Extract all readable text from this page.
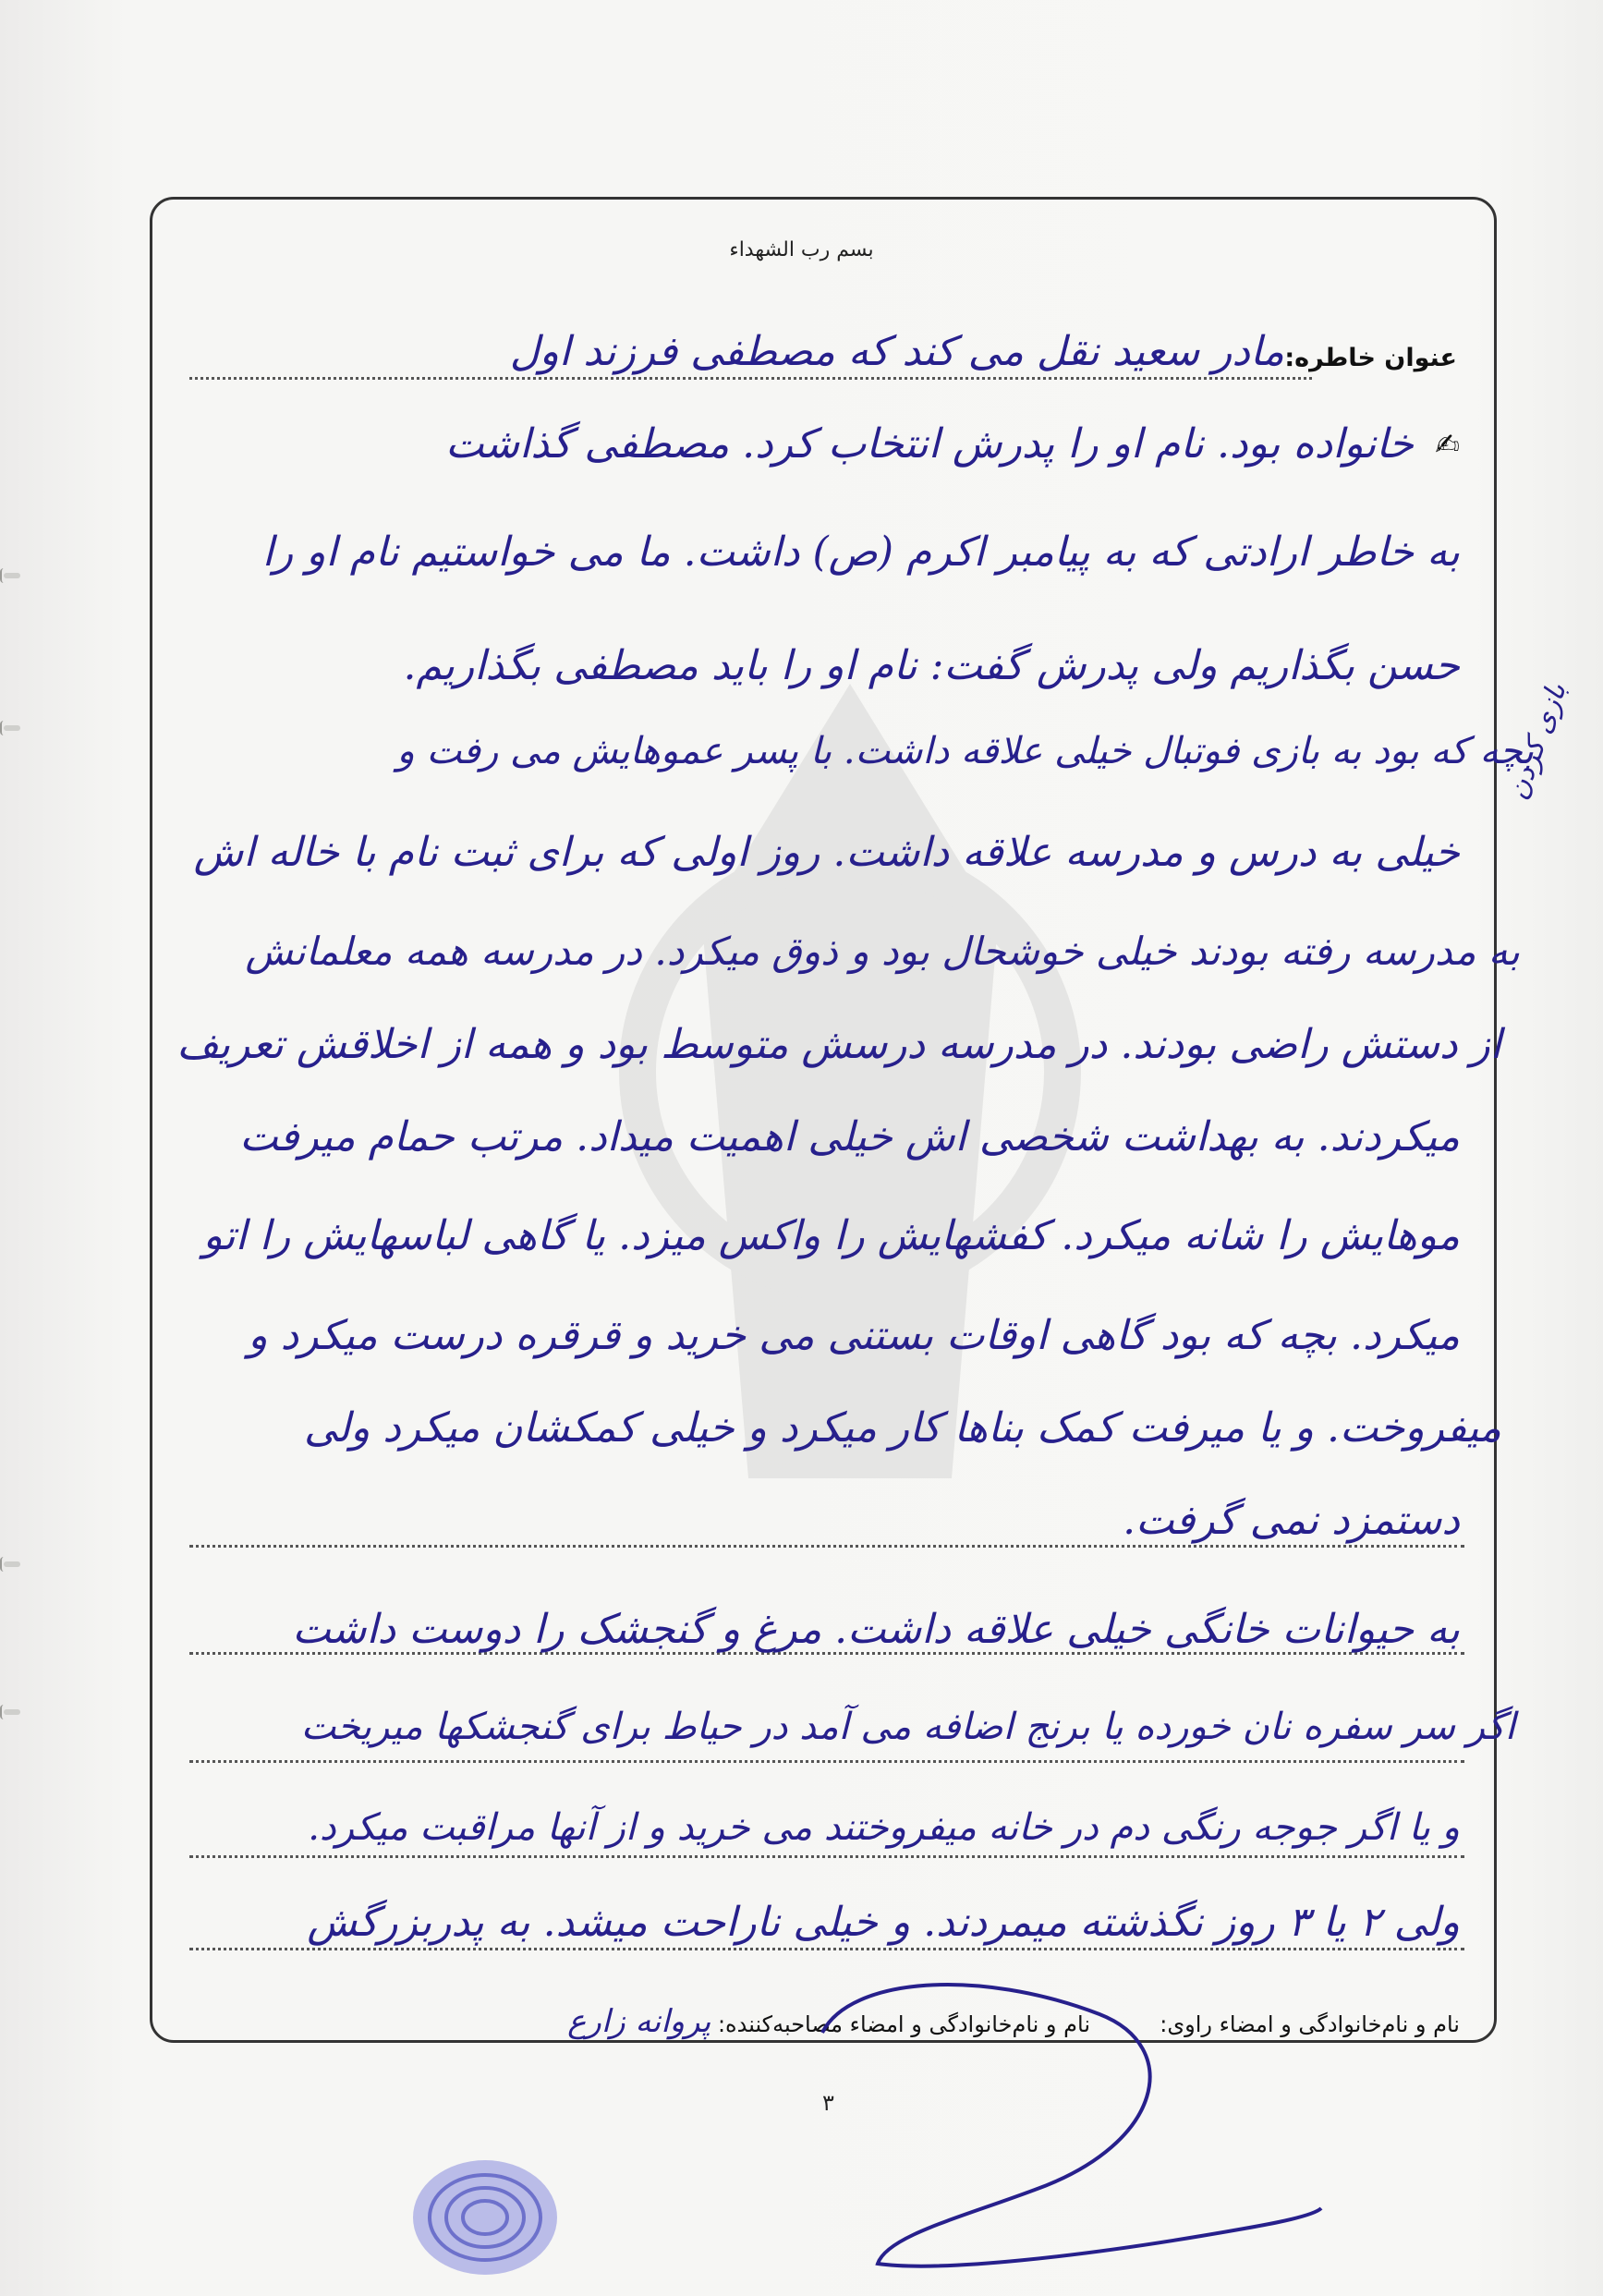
بسم رب الشهداء
عنوان خاطره:
مادر سعید نقل می کند که مصطفی فرزند اول
✍
خانواده بود. نام او را پدرش انتخاب کرد. مصطفی گذاشت
به خاطر ارادتی که به پیامبر اکرم (ص) داشت. ما می خواستیم نام او را
حسن بگذاریم ولی پدرش گفت: نام او را باید مصطفی بگذاریم.
بچه که بود به بازی فوتبال خیلی علاقه داشت. با پسر عموهایش می رفت و
خیلی به درس و مدرسه علاقه داشت. روز اولی که برای ثبت نام با خاله اش
به مدرسه رفته بودند خیلی خوشحال بود و ذوق میکرد. در مدرسه همه معلمانش
از دستش راضی بودند. در مدرسه درسش متوسط بود و همه از اخلاقش تعریف
میکردند. به بهداشت شخصی اش خیلی اهمیت میداد. مرتب حمام میرفت
موهایش را شانه میکرد. کفشهایش را واکس میزد. یا گاهی لباسهایش را اتو
میکرد. بچه که بود گاهی اوقات بستنی می خرید و قرقره درست میکرد و
میفروخت. و یا میرفت کمک بناها کار میکرد و خیلی کمکشان میکرد ولی
دستمزد نمی گرفت.
به حیوانات خانگی خیلی علاقه داشت. مرغ و گنجشک را دوست داشت
اگر سر سفره نان خورده یا برنج اضافه می آمد در حیاط برای گنجشکها میریخت
و یا اگر جوجه رنگی دم در خانه میفروختند می خرید و از آنها مراقبت میکرد.
ولی ۲ یا ۳ روز نگذشته میمردند. و خیلی ناراحت میشد. به پدربزرگش
بازی کردن
نام و نام‌خانوادگی و امضاء راوی:  نام و نام‌خانوادگی و امضاء مصاحبه‌کننده: پروانه زارع
۳
